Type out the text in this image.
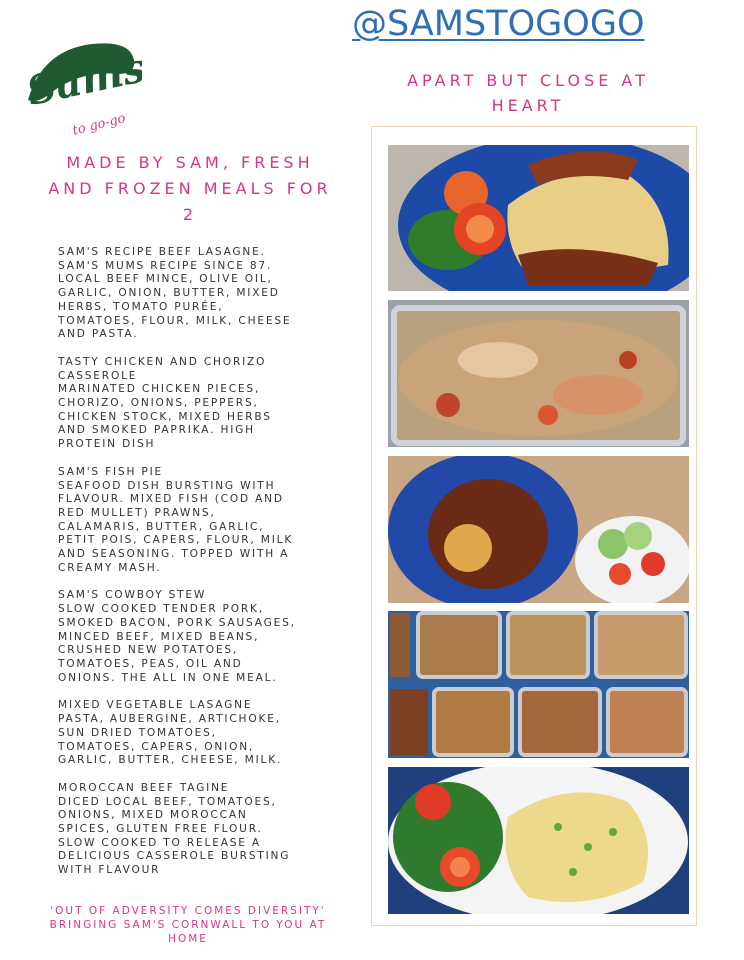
Sams
to go-go
@SAMSTOGOGO
APART BUT CLOSE AT HEART
MADE BY SAM, FRESH AND FROZEN MEALS FOR 2
SAM'S RECIPE BEEF LASAGNE.
SAM'S MUMS RECIPE SINCE 87.
LOCAL BEEF MINCE, OLIVE OIL,
GARLIC, ONION, BUTTER, MIXED
HERBS, TOMATO PURÉE,
TOMATOES, FLOUR, MILK, CHEESE
AND PASTA.
TASTY CHICKEN AND CHORIZO
CASSEROLE
MARINATED CHICKEN PIECES,
CHORIZO, ONIONS, PEPPERS,
CHICKEN STOCK, MIXED HERBS
AND SMOKED PAPRIKA. HIGH
PROTEIN DISH
SAM'S FISH PIE
SEAFOOD DISH BURSTING WITH
FLAVOUR. MIXED FISH (COD AND
RED MULLET) PRAWNS,
CALAMARIS, BUTTER, GARLIC,
PETIT POIS, CAPERS, FLOUR, MILK
AND SEASONING. TOPPED WITH A
CREAMY MASH.
SAM'S COWBOY STEW
SLOW COOKED TENDER PORK,
SMOKED BACON, PORK SAUSAGES,
MINCED BEEF, MIXED BEANS,
CRUSHED NEW POTATOES,
TOMATOES, PEAS, OIL AND
ONIONS. THE ALL IN ONE MEAL.
MIXED VEGETABLE LASAGNE
PASTA, AUBERGINE, ARTICHOKE,
SUN DRIED TOMATOES,
TOMATOES, CAPERS, ONION,
GARLIC, BUTTER, CHEESE, MILK.
MOROCCAN BEEF TAGINE
DICED LOCAL BEEF, TOMATOES,
ONIONS, MIXED MOROCCAN
SPICES, GLUTEN FREE FLOUR.
SLOW COOKED TO RELEASE A
DELICIOUS CASSEROLE BURSTING
WITH FLAVOUR
'OUT OF ADVERSITY COMES DIVERSITY'
BRINGING SAM'S CORNWALL TO YOU AT
HOME
